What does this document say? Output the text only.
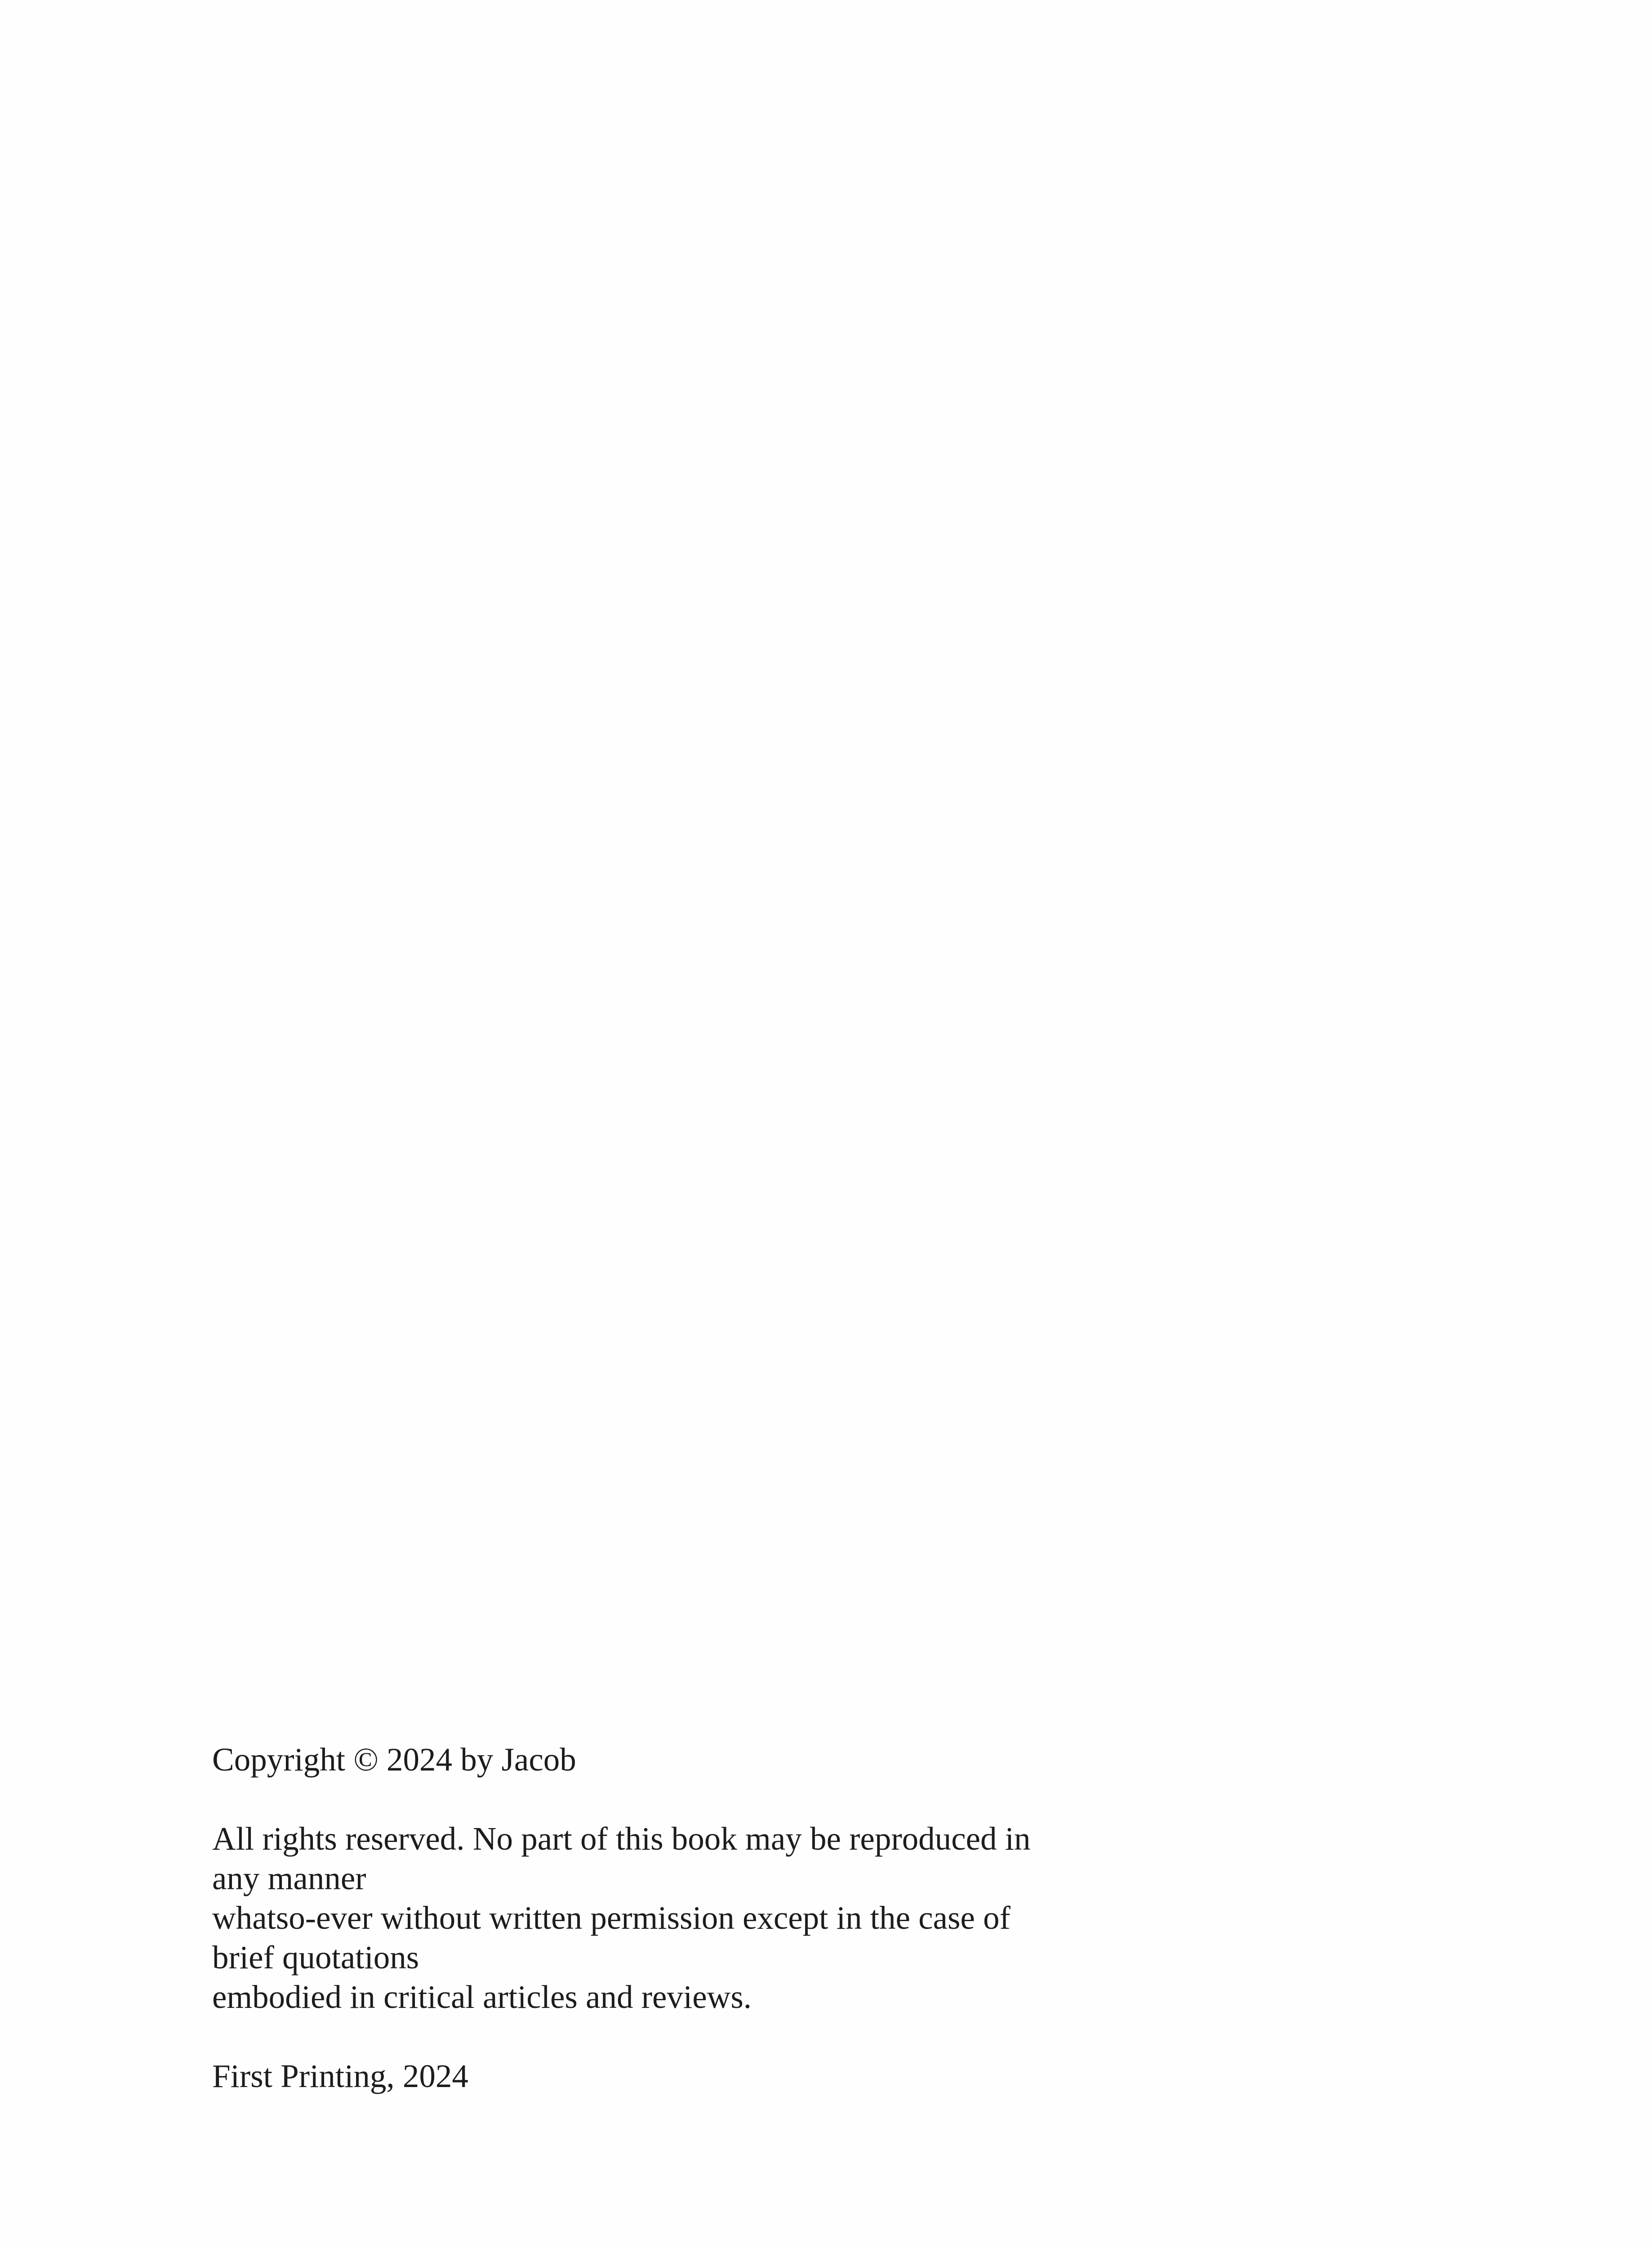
Copyright © 2024 by Jacob
All rights reserved. No part of this book may be reproduced in
any manner
whatso-ever without written permission except in the case of
brief quotations
embodied in critical articles and reviews.
First Printing, 2024
